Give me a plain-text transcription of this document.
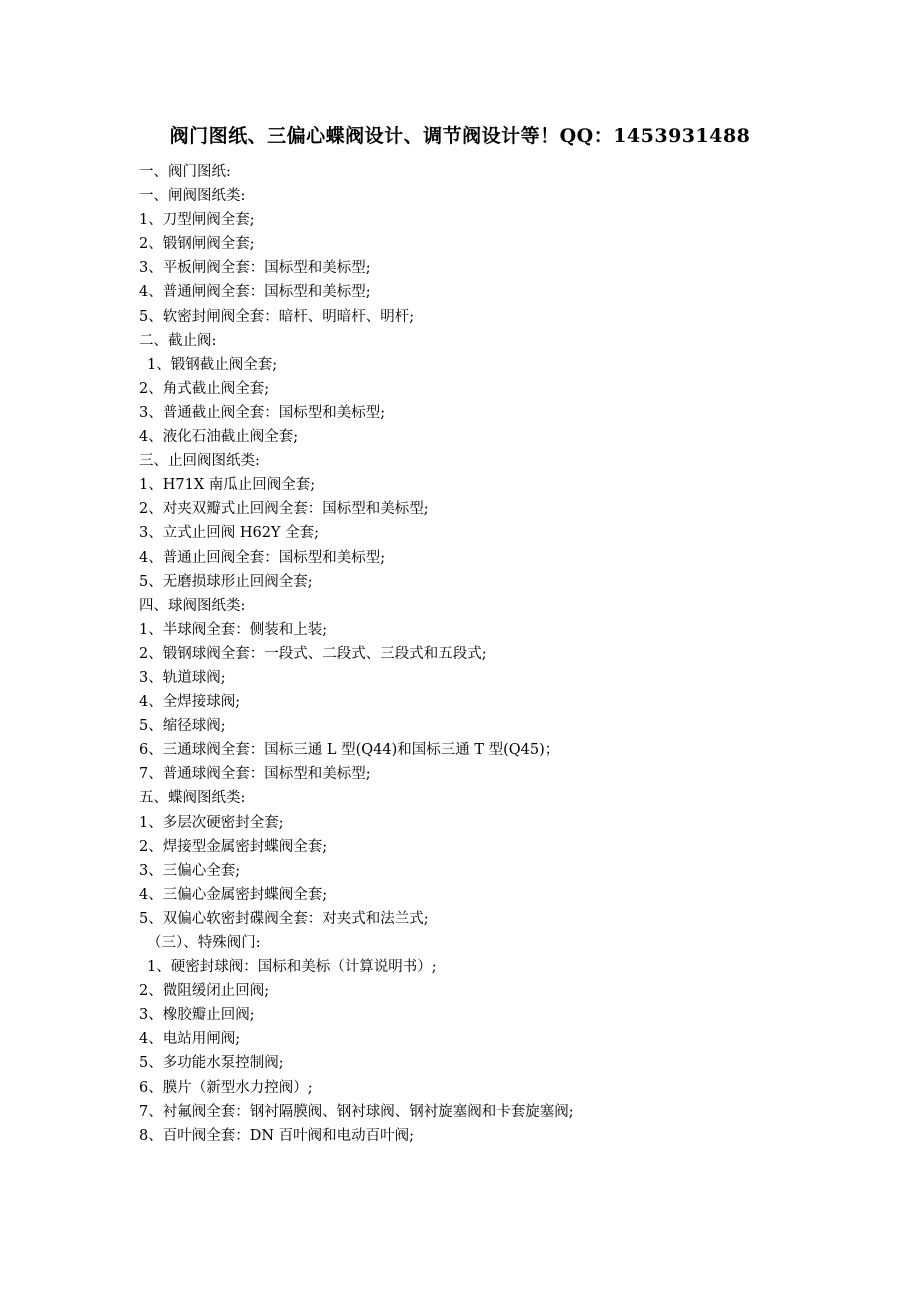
阀门图纸、三偏心蝶阀设计、调节阀设计等！QQ：1453931488
一、阀门图纸:
一、闸阀图纸类:
1、刀型闸阀全套;
2、锻钢闸阀全套;
3、平板闸阀全套：国标型和美标型;
4、普通闸阀全套：国标型和美标型;
5、软密封闸阀全套：暗杆、明暗杆、明杆;
二、截止阀:
1、锻钢截止阀全套;
2、角式截止阀全套;
3、普通截止阀全套：国标型和美标型;
4、液化石油截止阀全套;
三、止回阀图纸类:
1、H71X 南瓜止回阀全套;
2、对夹双瓣式止回阀全套：国标型和美标型;
3、立式止回阀 H62Y 全套;
4、普通止回阀全套：国标型和美标型;
5、无磨损球形止回阀全套;
四、球阀图纸类:
1、半球阀全套：侧装和上装;
2、锻钢球阀全套：一段式、二段式、三段式和五段式;
3、轨道球阀;
4、全焊接球阀;
5、缩径球阀;
6、三通球阀全套：国标三通 L 型(Q44)和国标三通 T 型(Q45)；
7、普通球阀全套：国标型和美标型;
五、蝶阀图纸类:
1、多层次硬密封全套;
2、焊接型金属密封蝶阀全套;
3、三偏心全套;
4、三偏心金属密封蝶阀全套;
5、双偏心软密封碟阀全套：对夹式和法兰式;
（三）、特殊阀门:
1、硬密封球阀：国标和美标（计算说明书）;
2、微阻缓闭止回阀;
3、橡胶瓣止回阀;
4、电站用闸阀;
5、多功能水泵控制阀;
6、膜片（新型水力控阀）;
7、衬氟阀全套：钢衬隔膜阀、钢衬球阀、钢衬旋塞阀和卡套旋塞阀;
8、百叶阀全套：DN 百叶阀和电动百叶阀;
